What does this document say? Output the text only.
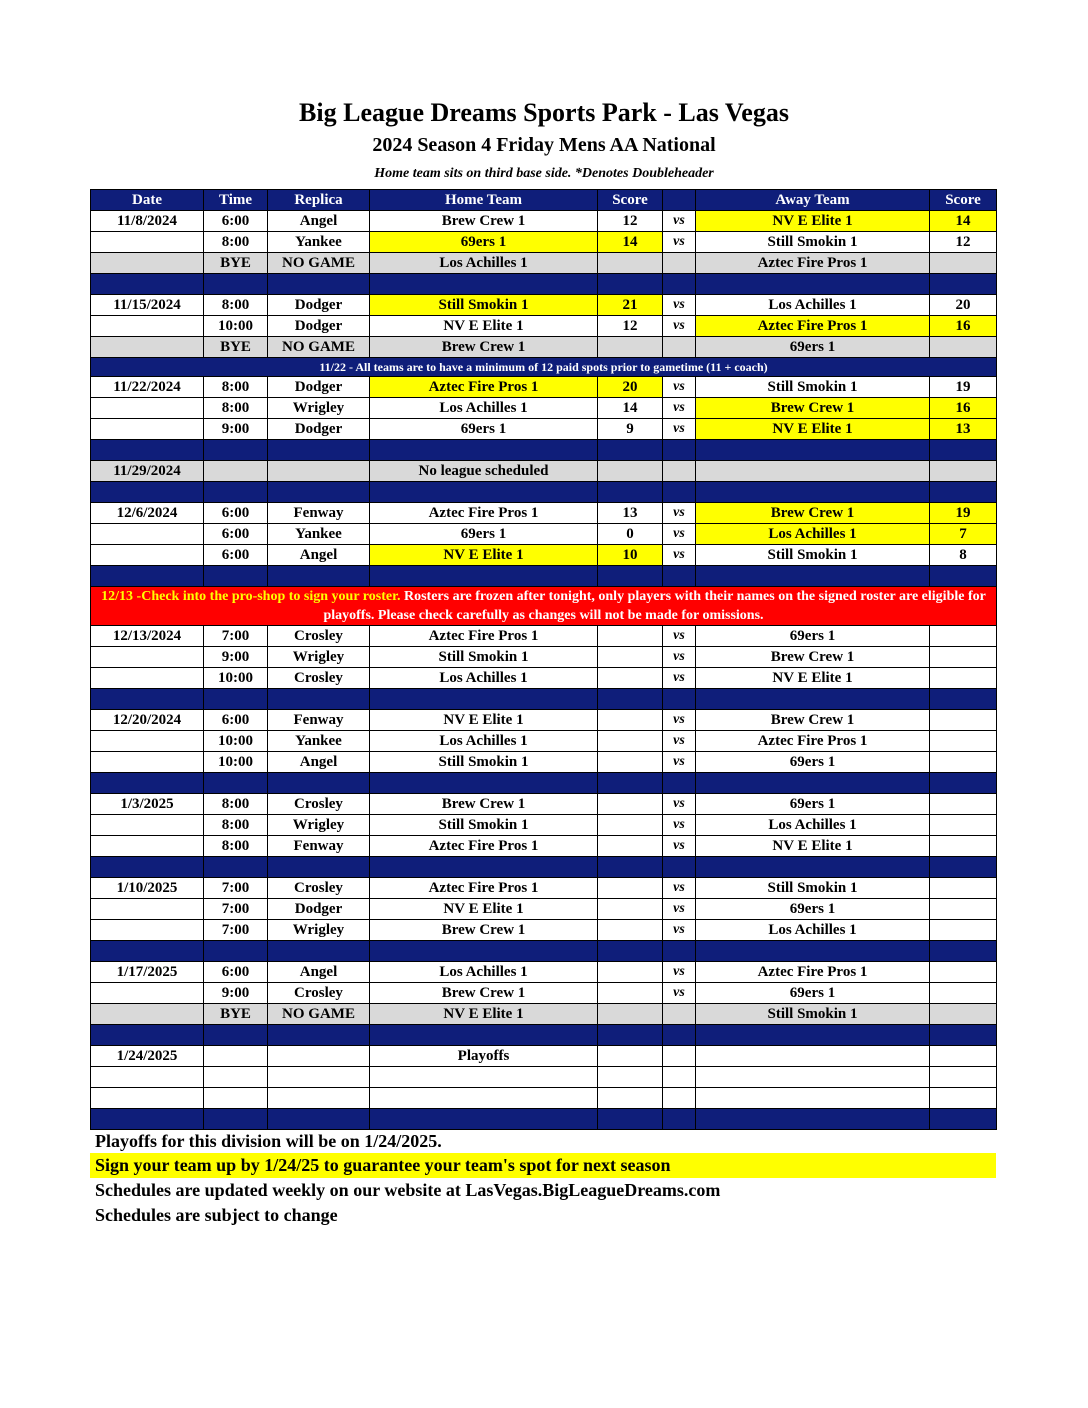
Big League Dreams Sports Park - Las Vegas
2024 Season 4 Friday Mens AA National
Home team sits on third base side. *Denotes Doubleheader
Date	Time	Replica	Home Team	Score		Away Team	Score
11/8/2024	6:00	Angel	Brew Crew 1	12	vs	NV E Elite 1	14
	8:00	Yankee	69ers 1	14	vs	Still Smokin 1	12
	BYE	NO GAME	Los Achilles 1			Aztec Fire Pros 1	

11/15/2024	8:00	Dodger	Still Smokin 1	21	vs	Los Achilles 1	20
	10:00	Dodger	NV E Elite 1	12	vs	Aztec Fire Pros 1	16
	BYE	NO GAME	Brew Crew 1			69ers 1	
11/22 - All teams are to have a minimum of 12 paid spots prior to gametime (11 + coach)							
11/22/2024	8:00	Dodger	Aztec Fire Pros 1	20	vs	Still Smokin 1	19
	8:00	Wrigley	Los Achilles 1	14	vs	Brew Crew 1	16
	9:00	Dodger	69ers 1	9	vs	NV E Elite 1	13

11/29/2024			No league scheduled				

12/6/2024	6:00	Fenway	Aztec Fire Pros 1	13	vs	Brew Crew 1	19
	6:00	Yankee	69ers 1	0	vs	Los Achilles 1	7
	6:00	Angel	NV E Elite 1	10	vs	Still Smokin 1	8

12/13 -Check into the pro-shop to sign your roster. Rosters are frozen after tonight, only players with their names on the signed roster are eligible for playoffs. Please check carefully as changes will not be made for omissions.							
12/13/2024	7:00	Crosley	Aztec Fire Pros 1		vs	69ers 1	
	9:00	Wrigley	Still Smokin 1		vs	Brew Crew 1	
	10:00	Crosley	Los Achilles 1		vs	NV E Elite 1	

12/20/2024	6:00	Fenway	NV E Elite 1		vs	Brew Crew 1	
	10:00	Yankee	Los Achilles 1		vs	Aztec Fire Pros 1	
	10:00	Angel	Still Smokin 1		vs	69ers 1	

1/3/2025	8:00	Crosley	Brew Crew 1		vs	69ers 1	
	8:00	Wrigley	Still Smokin 1		vs	Los Achilles 1	
	8:00	Fenway	Aztec Fire Pros 1		vs	NV E Elite 1	

1/10/2025	7:00	Crosley	Aztec Fire Pros 1		vs	Still Smokin 1	
	7:00	Dodger	NV E Elite 1		vs	69ers 1	
	7:00	Wrigley	Brew Crew 1		vs	Los Achilles 1	

1/17/2025	6:00	Angel	Los Achilles 1		vs	Aztec Fire Pros 1	
	9:00	Crosley	Brew Crew 1		vs	69ers 1	
	BYE	NO GAME	NV E Elite 1			Still Smokin 1	

1/24/2025			Playoffs				

Playoffs for this division will be on 1/24/2025.
Sign your team up by 1/24/25 to guarantee your team's spot for next season
Schedules are updated weekly on our website at LasVegas.BigLeagueDreams.com
Schedules are subject to change
